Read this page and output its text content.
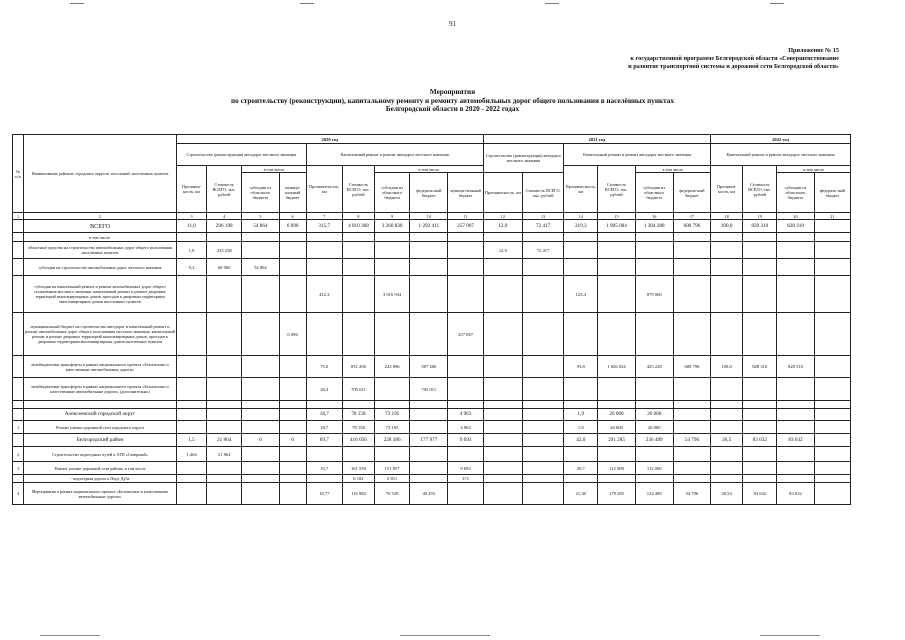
91
Приложение № 15
к государственной программе Белгородской области «Совершенствование
и развитие транспортной системы и дорожной сети Белгородской области»
Мероприятия
по строительству (реконструкции), капитальному ремонту и ремонту автомобильных дорог общего пользования в населённых пунктах
Белгородской области в 2020 - 2022 годах
№ п/п	Наименование районов, городских округов, поселений, населенных пунктов	2020 год									2021 год						2022 год			
		Строительство (реконструкция) автодорог местного значения				Капитальный ремонт и ремонт автодорог местного значения					Строительство (реконструкция) автодорог местного значения		Капитальный ремонт и ремонт автодорог местного значения				Капитальный ремонт и ремонт автодорог местного значения			
		Протяжен-ность, км	Стоимость ВСЕГО, тыс. рублей	в том числе		Протяжен-ность, км	Стоимость ВСЕГО, тыс. рублей	в том числе					Протяжен-ность, км	Стоимость ВСЕГО, тыс. рублей	в том числе		Протяжен-ность, км	Стоимость ВСЕГО, тыс. рублей	в том числе	
				субсидии из областного бюджета	муници-пальный бюджет			субсидии из областного бюджета	федераль-ный бюджет	муници-пальный бюджет	Протяжен-ность, км	Стоимость ВСЕГО, тыс. рублей			субсидии из областного бюджета	федераль-ный бюджет			субсидии из областного бюджета	федераль-ный бюджет
1	2	3	4	5	6	7	8	9	10	11	12	13	14	15	16	17	18	19	20	21
	ВСЕГО	11,0	296 198	54 864	6 096	315,7	4 810 308	3 260 830	1 292 411	257 067	12,9	72 417	219,3	1 905 084	1 304 288	600 796	100,0	828 310	828 310	
	в том числе:																			
	областные средства на строительство автомобильных дорог общего пользования населённых пунктов	1,8	235 238								12,9	72 417								
	субсидии на строительство автомобильных дорог местного значения	9,2	60 960	54 864																
	субсидии на капитальный ремонт и ремонт автомобильных дорог общего пользования местного значения, капитальный ремонт и ремонт дворовых территорий многоквартирных домов, проездов к дворовым территориям многоквартирных домов населенных пунктов					412,3		3 016 934					125,4		879 060					
	муниципальный бюджет на строительство автодорог и капитальный ремонт и ремонт автомобильных дорог общего пользования местного значения, капитальный ремонт и ремонт дворовых территорий многоквартирных домов, проездов к дворовым территориям многоквартирных домов населенных пунктов				6 096					257 067										
	межбюджетные трансферты в рамках национального проекта «Безопасные и качественные автомобильные дороги»					75,0	831 296	243 896	587 400				93,8	1 026 024	425 228	600 796	100,0	828 310	828 310	
	межбюджетные трансферты в рамках национального проекта «Безопасные и качественные автомобильные дороги» (дополнительно)					28,4	705 011		705 011											

	Алексеевский городской округ					18,7	78 158	73 195		4 963			1,9	26 000	26 000					
1	Ремонт улично-дорожной сети городского округа					18,7	78 158	73 195		4 963			1,9	26 000	26 000					
	Белгородский район	1,5	21 864	0	0	69,7	416 056	228 386	177 977	9 693			42,0	291 285	236 489	54 796	20,5	83 632	83 632	
2	Строительство подъездных путей к АТП «Северный»	1,464	21 864																	
3	Ремонт улично-дорожной сети района, в том числе					33,7	161 550	151 857		9 693			20,7	112 000	112 000					
	- подъездная дорога к Пору Дуба						6 182	5 811		371										
4	Мероприятия в рамках национального проекта «Безопасные и качественные автомобильные дороги»					18,77	116 984	76 529	40 455				21,30	179 285	124 489	54 796	20,54	83 632	83 632	
